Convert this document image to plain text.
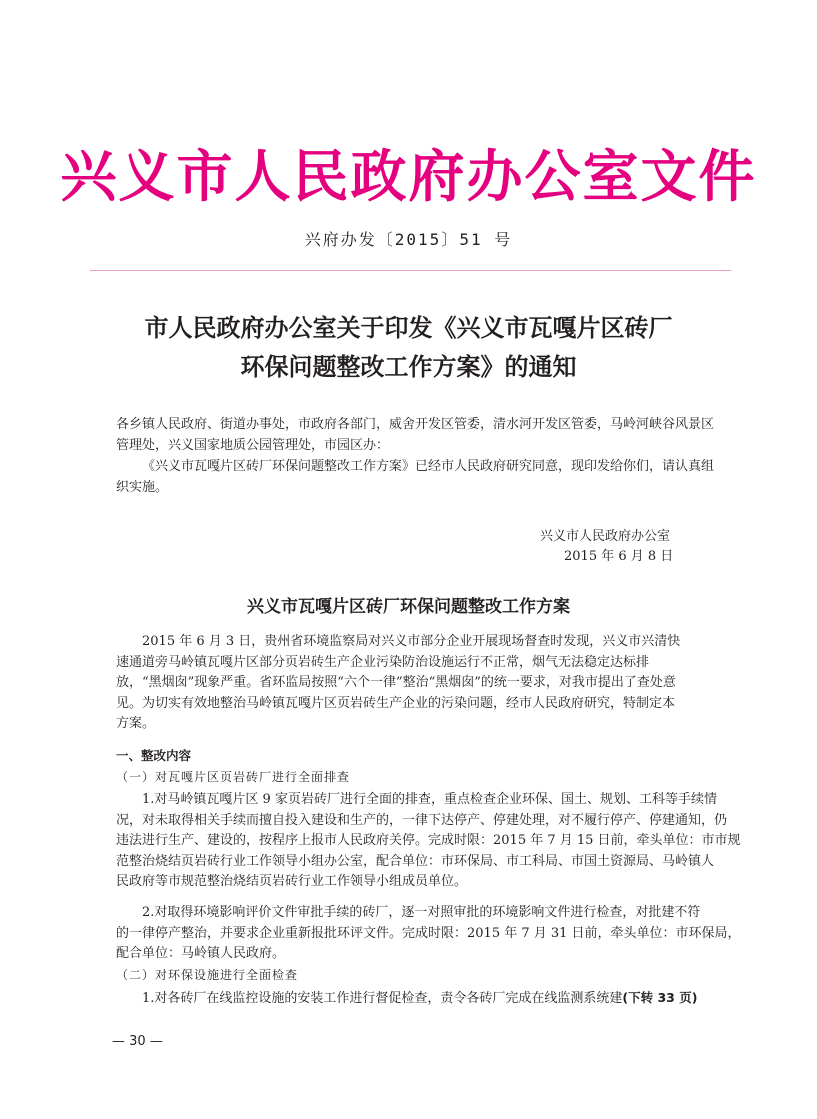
兴义市人民政府办公室文件
兴府办发〔2015〕51 号
市人民政府办公室关于印发《兴义市瓦嘎片区砖厂
环保问题整改工作方案》的通知
各乡镇人民政府、街道办事处，市政府各部门，威舍开发区管委，清水河开发区管委，马岭河峡谷风景区
管理处，兴义国家地质公园管理处，市园区办：
《兴义市瓦嘎片区砖厂环保问题整改工作方案》已经市人民政府研究同意，现印发给你们，请认真组
织实施。
兴义市人民政府办公室
2015 年 6 月 8 日
兴义市瓦嘎片区砖厂环保问题整改工作方案
2015 年 6 月 3 日，贵州省环境监察局对兴义市部分企业开展现场督查时发现，兴义市兴清快
速通道旁马岭镇瓦嘎片区部分页岩砖生产企业污染防治设施运行不正常，烟气无法稳定达标排
放，“黑烟囱”现象严重。省环监局按照“六个一律”整治“黑烟囱”的统一要求，对我市提出了查处意
见。为切实有效地整治马岭镇瓦嘎片区页岩砖生产企业的污染问题，经市人民政府研究，特制定本
方案。
一、整改内容
（一）对瓦嘎片区页岩砖厂进行全面排查
1.对马岭镇瓦嘎片区 9 家页岩砖厂进行全面的排查，重点检查企业环保、国土、规划、工科等手续情
况，对未取得相关手续而擅自投入建设和生产的，一律下达停产、停建处理，对不履行停产、停建通知，仍
违法进行生产、建设的，按程序上报市人民政府关停。完成时限：2015 年 7 月 15 日前，牵头单位：市市规
范整治烧结页岩砖行业工作领导小组办公室，配合单位：市环保局、市工科局、市国土资源局、马岭镇人
民政府等市规范整治烧结页岩砖行业工作领导小组成员单位。
2.对取得环境影响评价文件审批手续的砖厂，逐一对照审批的环境影响文件进行检查，对批建不符
的一律停产整治，并要求企业重新报批环评文件。完成时限：2015 年 7 月 31 日前，牵头单位：市环保局，
配合单位：马岭镇人民政府。
（二）对环保设施进行全面检查
1.对各砖厂在线监控设施的安装工作进行督促检查，责令各砖厂完成在线监测系统建(下转 33 页)
— 30 —
